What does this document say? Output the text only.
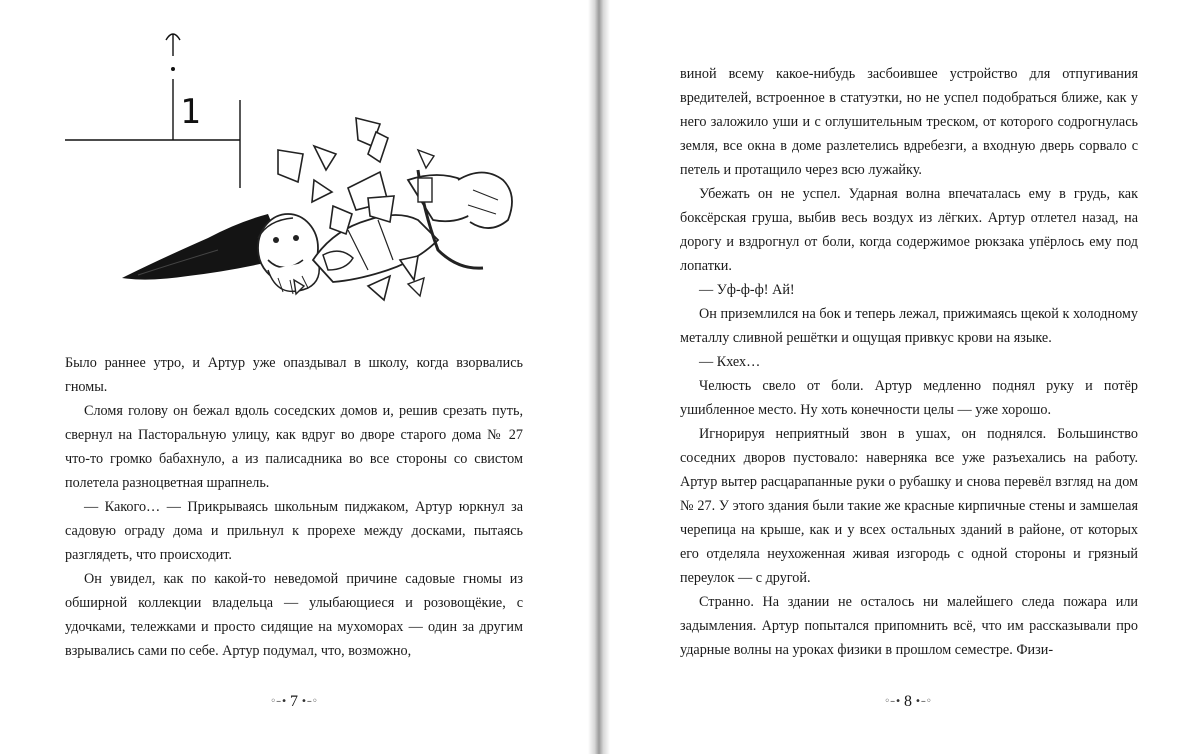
1

Было раннее утро, и Артур уже опаздывал в школу, когда взорвались гномы.

Сломя голову он бежал вдоль соседских домов и, решив срезать путь, свернул на Пасторальную улицу, как вдруг во дворе старого дома № 27 что-то громко бабахнуло, а из палисадника во все стороны со свистом полетела разноцветная шрапнель.

— Какого… — Прикрываясь школьным пиджаком, Артур юркнул за садовую ограду дома и прильнул к прорехе между досками, пытаясь разглядеть, что происходит.

Он увидел, как по какой-то неведомой причине садовые гномы из обширной коллекции владельца — улыбающиеся и розовощёкие, с удочками, тележками и просто сидящие на мухоморах — один за другим взрывались сами по себе. Артур подумал, что, возможно,

◦–• 7 •–◦

виной всему какое-нибудь засбоившее устройство для отпугивания вредителей, встроенное в статуэтки, но не успел подобраться ближе, как у него заложило уши и с оглушительным треском, от которого содрогнулась земля, все окна в доме разлетелись вдребезги, а входную дверь сорвало с петель и протащило через всю лужайку.

Убежать он не успел. Ударная волна впечаталась ему в грудь, как боксёрская груша, выбив весь воздух из лёгких. Артур отлетел назад, на дорогу и вздрогнул от боли, когда содержимое рюкзака упёрлось ему под лопатки.

— Уф-ф-ф! Ай!

Он приземлился на бок и теперь лежал, прижимаясь щекой к холодному металлу сливной решётки и ощущая привкус крови на языке.

— Кхех…

Челюсть свело от боли. Артур медленно поднял руку и потёр ушибленное место. Ну хоть конечности целы — уже хорошо.

Игнорируя неприятный звон в ушах, он поднялся. Большинство соседних дворов пустовало: наверняка все уже разъехались на работу. Артур вытер расцарапанные руки о рубашку и снова перевёл взгляд на дом № 27. У этого здания были такие же красные кирпичные стены и замшелая черепица на крыше, как и у всех остальных зданий в районе, от которых его отделяла неухоженная живая изгородь с одной стороны и грязный переулок — с другой.

Странно. На здании не осталось ни малейшего следа пожара или задымления. Артур попытался припомнить всё, что им рассказывали про ударные волны на уроках физики в прошлом семестре. Физи-

◦–• 8 •–◦
